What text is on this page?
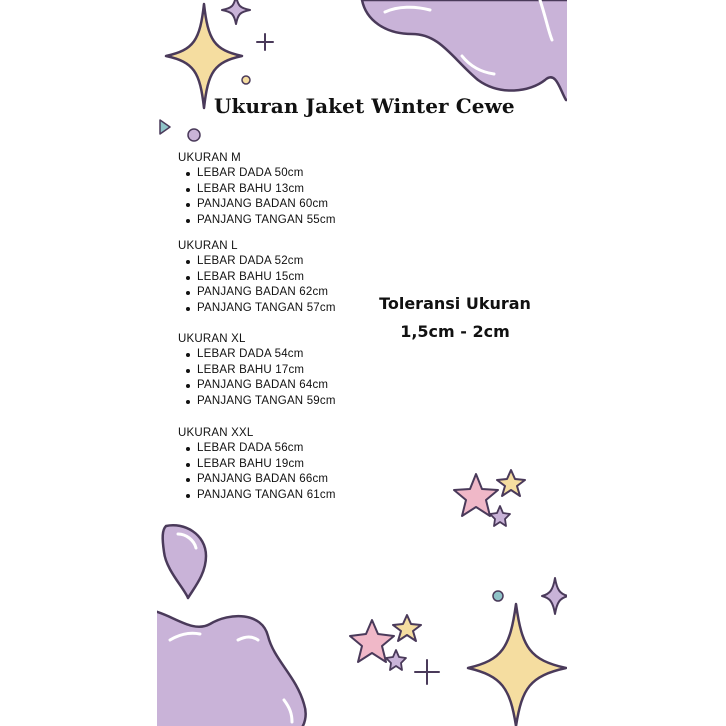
Ukuran Jaket Winter Cewe
UKURAN M
LEBAR DADA 50cm
LEBAR BAHU 13cm
PANJANG BADAN 60cm
PANJANG TANGAN 55cm
UKURAN L
LEBAR DADA 52cm
LEBAR BAHU 15cm
PANJANG BADAN 62cm
PANJANG TANGAN 57cm
UKURAN XL
LEBAR DADA 54cm
LEBAR BAHU 17cm
PANJANG BADAN 64cm
PANJANG TANGAN 59cm
UKURAN XXL
LEBAR DADA 56cm
LEBAR BAHU 19cm
PANJANG BADAN 66cm
PANJANG TANGAN 61cm
Toleransi Ukuran
1,5cm - 2cm
